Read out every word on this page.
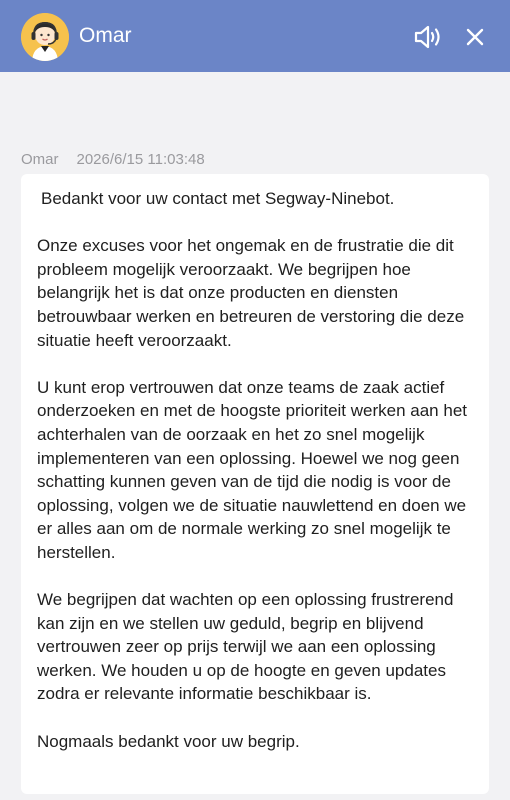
Omar
Omar 2026/6/15 11:03:48

Bedankt voor uw contact met Segway-Ninebot.

Onze excuses voor het ongemak en de frustratie die dit probleem mogelijk veroorzaakt. We begrijpen hoe belangrijk het is dat onze producten en diensten betrouwbaar werken en betreuren de verstoring die deze situatie heeft veroorzaakt.

U kunt erop vertrouwen dat onze teams de zaak actief onderzoeken en met de hoogste prioriteit werken aan het achterhalen van de oorzaak en het zo snel mogelijk implementeren van een oplossing. Hoewel we nog geen schatting kunnen geven van de tijd die nodig is voor de oplossing, volgen we de situatie nauwlettend en doen we er alles aan om de normale werking zo snel mogelijk te herstellen.

We begrijpen dat wachten op een oplossing frustrerend kan zijn en we stellen uw geduld, begrip en blijvend vertrouwen zeer op prijs terwijl we aan een oplossing werken. We houden u op de hoogte en geven updates zodra er relevante informatie beschikbaar is.

Nogmaals bedankt voor uw begrip.
